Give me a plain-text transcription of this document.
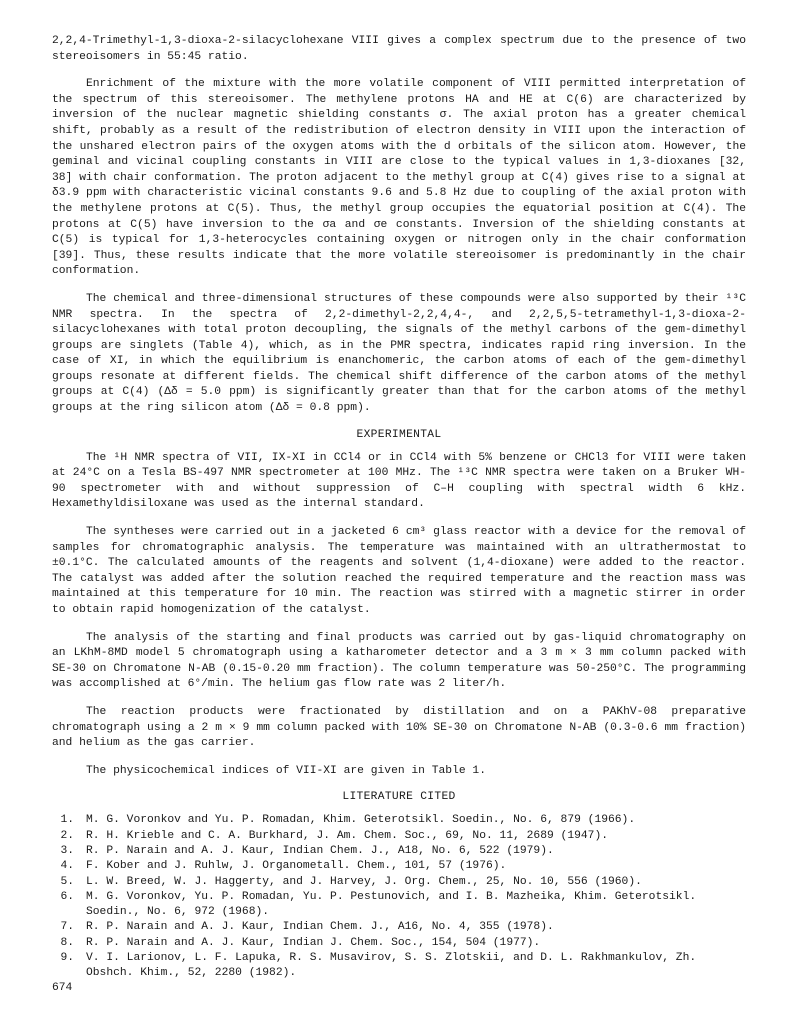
2,2,4-Trimethyl-1,3-dioxa-2-silacyclohexane VIII gives a complex spectrum due to the presence of two stereoisomers in 55:45 ratio.

Enrichment of the mixture with the more volatile component of VIII permitted interpretation of the spectrum of this stereoisomer. The methylene protons HA and HE at C(6) are characterized by inversion of the nuclear magnetic shielding constants σ. The axial proton has a greater chemical shift, probably as a result of the redistribution of electron density in VIII upon the interaction of the unshared electron pairs of the oxygen atoms with the d orbitals of the silicon atom. However, the geminal and vicinal coupling constants in VIII are close to the typical values in 1,3-dioxanes [32, 38] with chair conformation. The proton adjacent to the methyl group at C(4) gives rise to a signal at δ3.9 ppm with characteristic vicinal constants 9.6 and 5.8 Hz due to coupling of the axial proton with the methylene protons at C(5). Thus, the methyl group occupies the equatorial position at C(4). The protons at C(5) have inversion to the σa and σe constants. Inversion of the shielding constants at C(5) is typical for 1,3-heterocycles containing oxygen or nitrogen only in the chair conformation [39]. Thus, these results indicate that the more volatile stereoisomer is predominantly in the chair conformation.

The chemical and three-dimensional structures of these compounds were also supported by their ¹³C NMR spectra. In the spectra of 2,2-dimethyl-2,2,4,4-, and 2,2,5,5-tetramethyl-1,3-dioxa-2-silacyclohexanes with total proton decoupling, the signals of the methyl carbons of the gem-dimethyl groups are singlets (Table 4), which, as in the PMR spectra, indicates rapid ring inversion. In the case of XI, in which the equilibrium is enanchomeric, the carbon atoms of each of the gem-dimethyl groups resonate at different fields. The chemical shift difference of the carbon atoms of the methyl groups at C(4) (Δδ = 5.0 ppm) is significantly greater than that for the carbon atoms of the methyl groups at the ring silicon atom (Δδ = 0.8 ppm).

EXPERIMENTAL

The ¹H NMR spectra of VII, IX-XI in CCl4 or in CCl4 with 5% benzene or CHCl3 for VIII were taken at 24°C on a Tesla BS-497 NMR spectrometer at 100 MHz. The ¹³C NMR spectra were taken on a Bruker WH-90 spectrometer with and without suppression of C–H coupling with spectral width 6 kHz. Hexamethyldisiloxane was used as the internal standard.

The syntheses were carried out in a jacketed 6 cm³ glass reactor with a device for the removal of samples for chromatographic analysis. The temperature was maintained with an ultrathermostat to ±0.1°C. The calculated amounts of the reagents and solvent (1,4-dioxane) were added to the reactor. The catalyst was added after the solution reached the required temperature and the reaction mass was maintained at this temperature for 10 min. The reaction was stirred with a magnetic stirrer in order to obtain rapid homogenization of the catalyst.

The analysis of the starting and final products was carried out by gas-liquid chromatography on an LKhM-8MD model 5 chromatograph using a katharometer detector and a 3 m × 3 mm column packed with SE-30 on Chromatone N-AB (0.15-0.20 mm fraction). The column temperature was 50-250°C. The programming was accomplished at 6°/min. The helium gas flow rate was 2 liter/h.

The reaction products were fractionated by distillation and on a PAKhV-08 preparative chromatograph using a 2 m × 9 mm column packed with 10% SE-30 on Chromatone N-AB (0.3-0.6 mm fraction) and helium as the gas carrier.

The physicochemical indices of VII-XI are given in Table 1.

LITERATURE CITED
1. M. G. Voronkov and Yu. P. Romadan, Khim. Geterotsikl. Soedin., No. 6, 879 (1966).
2. R. H. Krieble and C. A. Burkhard, J. Am. Chem. Soc., 69, No. 11, 2689 (1947).
3. R. P. Narain and A. J. Kaur, Indian Chem. J., A18, No. 6, 522 (1979).
4. F. Kober and J. Ruhlw, J. Organometall. Chem., 101, 57 (1976).
5. L. W. Breed, W. J. Haggerty, and J. Harvey, J. Org. Chem., 25, No. 10, 556 (1960).
6. M. G. Voronkov, Yu. P. Romadan, Yu. P. Pestunovich, and I. B. Mazheika, Khim. Geterotsikl. Soedin., No. 6, 972 (1968).
7. R. P. Narain and A. J. Kaur, Indian Chem. J., A16, No. 4, 355 (1978).
8. R. P. Narain and A. J. Kaur, Indian J. Chem. Soc., 154, 504 (1977).
9. V. I. Larionov, L. F. Lapuka, R. S. Musavirov, S. S. Zlotskii, and D. L. Rakhmankulov, Zh. Obshch. Khim., 52, 2280 (1982).
674
